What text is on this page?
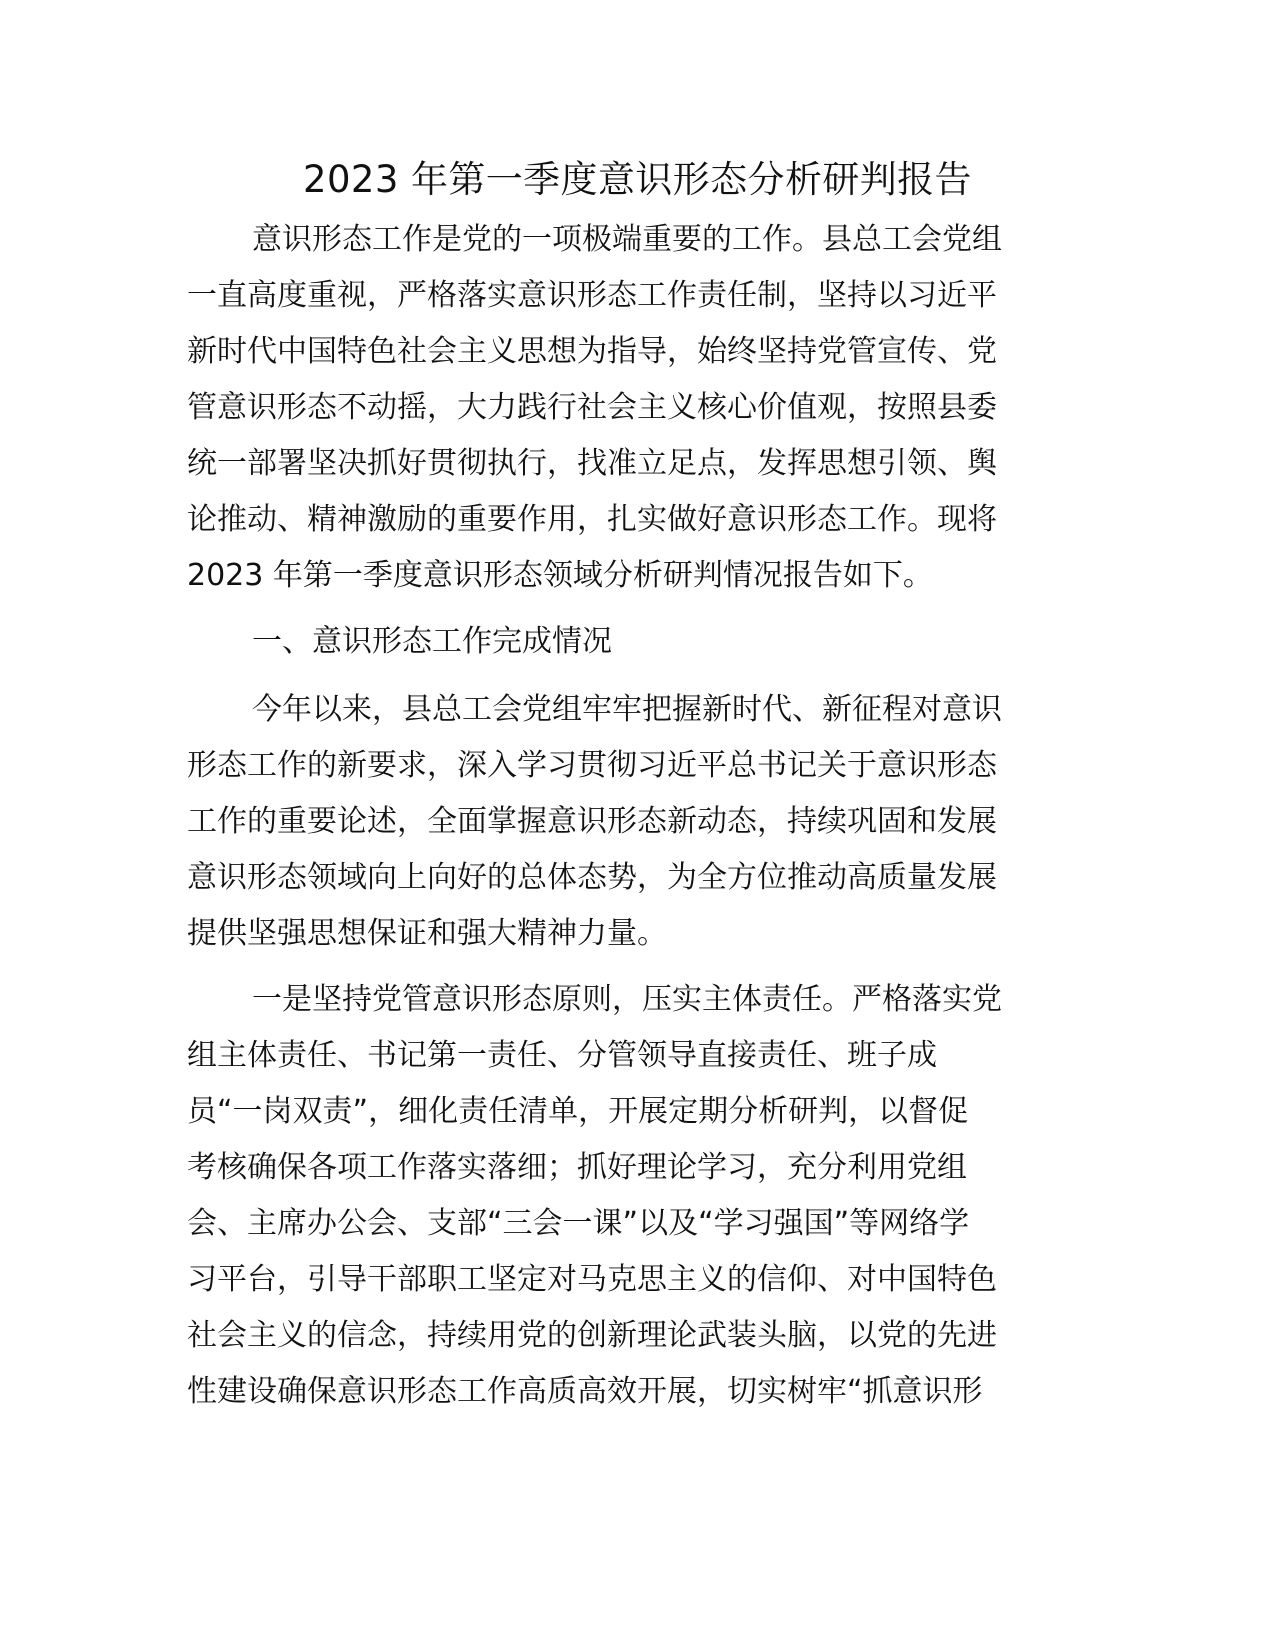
2023 年第一季度意识形态分析研判报告

意识形态工作是党的一项极端重要的工作。县总工会党组

一直高度重视，严格落实意识形态工作责任制，坚持以习近平

新时代中国特色社会主义思想为指导，始终坚持党管宣传、党

管意识形态不动摇，大力践行社会主义核心价值观，按照县委

统一部署坚决抓好贯彻执行，找准立足点，发挥思想引领、舆

论推动、精神激励的重要作用，扎实做好意识形态工作。现将

2023 年第一季度意识形态领域分析研判情况报告如下。

一、意识形态工作完成情况

今年以来，县总工会党组牢牢把握新时代、新征程对意识

形态工作的新要求，深入学习贯彻习近平总书记关于意识形态

工作的重要论述，全面掌握意识形态新动态，持续巩固和发展

意识形态领域向上向好的总体态势，为全方位推动高质量发展

提供坚强思想保证和强大精神力量。

一是坚持党管意识形态原则，压实主体责任。严格落实党

组主体责任、书记第一责任、分管领导直接责任、班子成

员“一岗双责”，细化责任清单，开展定期分析研判，以督促

考核确保各项工作落实落细；抓好理论学习，充分利用党组

会、主席办公会、支部“三会一课”以及“学习强国”等网络学

习平台，引导干部职工坚定对马克思主义的信仰、对中国特色

社会主义的信念，持续用党的创新理论武装头脑，以党的先进

性建设确保意识形态工作高质高效开展，切实树牢“抓意识形
